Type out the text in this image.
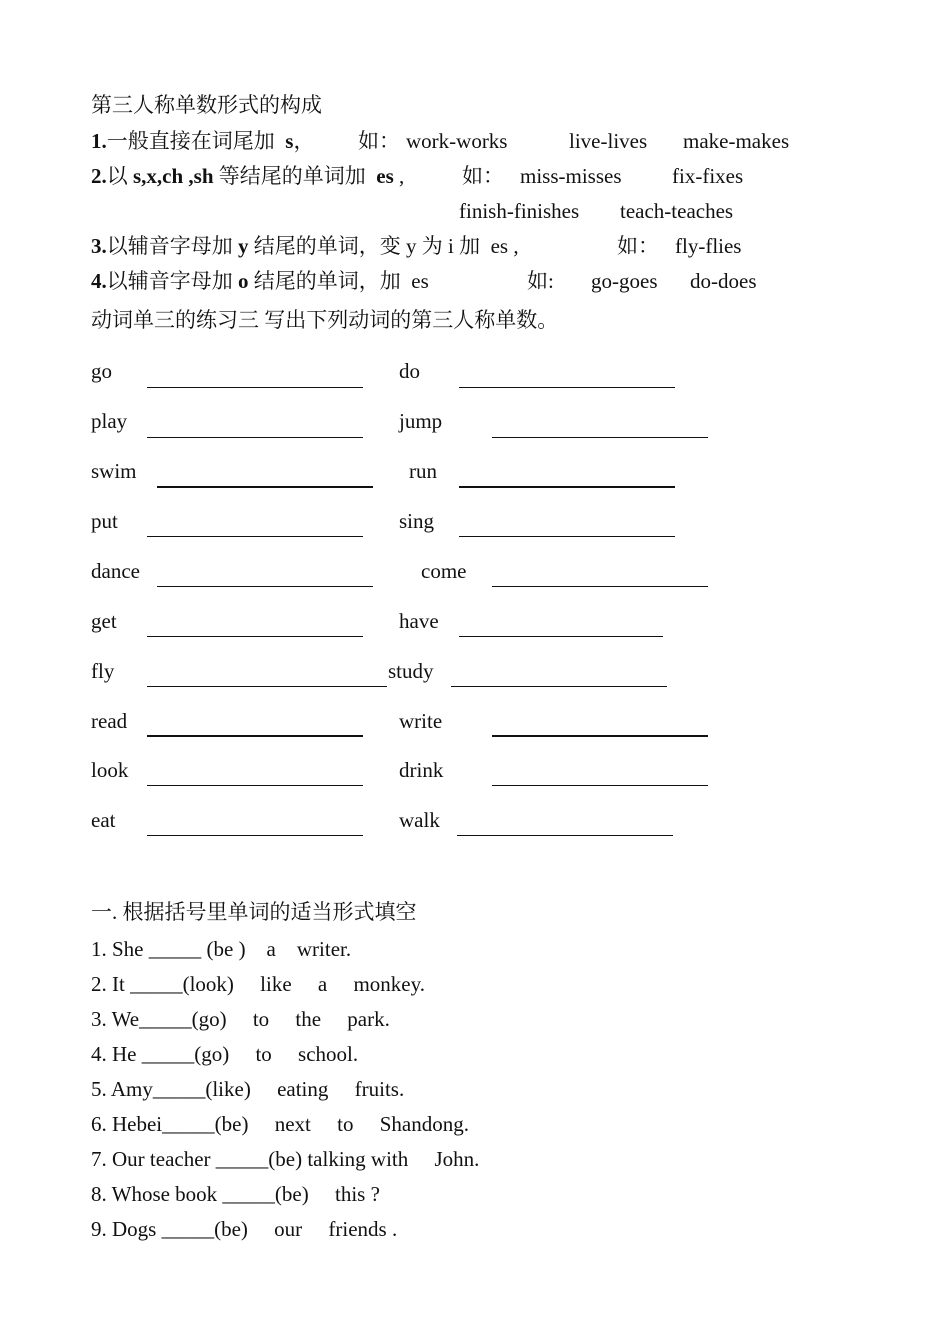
第三人称单数形式的构成
1.一般直接在词尾加 s， 如： work-works	live-lives make-makes
2.以 s,x,ch ,sh 等结尾的单词加 es ,	如： miss-misses fix-fixes
finish-finishes teach-teaches
3.以辅音字母加 y 结尾的单词，变 y 为 i 加 es ,	如： fly-flies
4.以辅音字母加 o 结尾的单词，加 es	如: go-goes do-does
动词单三的练习三 写出下列动词的第三人称单数。
go	do
play	jump
swim	run
put	sing
dance	come
get	have
fly	study
read	write
look	drink
eat	walk
一. 根据括号里单词的适当形式填空
1. She _____ (be )    a    writer.
2. It _____(look)     like     a     monkey.
3. We_____(go)     to     the     park.
4. He _____(go)     to     school.
5. Amy_____(like)     eating     fruits.
6. Hebei_____(be)     next     to     Shandong.
7. Our teacher _____(be) talking with     John.
8. Whose book _____(be)     this ?
9. Dogs _____(be)     our     friends .
